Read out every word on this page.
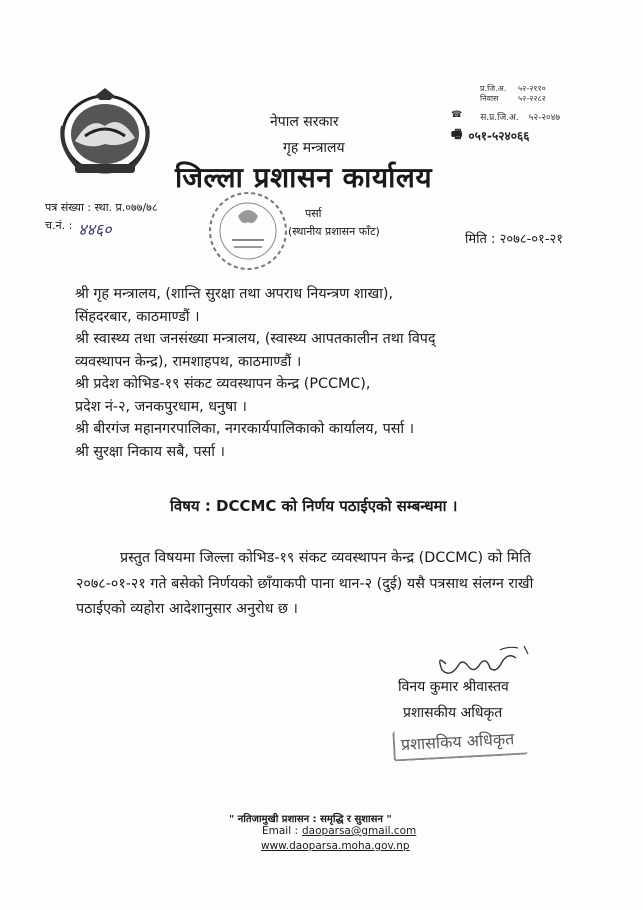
प्र.जि.अ.	५२-२११०
निवास	५२-२२८२
☎ स.प्र.जि.अ. ५२-२०४७
🖷 ०५१-५२४०६६
नेपाल सरकार
गृह मन्त्रालय
जिल्ला प्रशासन कार्यालय
पत्र संख्या : स्था. प्र.०७७/७८
च.नं. : ४४६०
पर्सा
(स्थानीय प्रशासन फाँट)
मिति : २०७८-०१-२१
श्री गृह मन्त्रालय, (शान्ति सुरक्षा तथा अपराध नियन्त्रण शाखा),
सिंहदरबार, काठमाण्डौं ।
श्री स्वास्थ्य तथा जनसंख्या मन्त्रालय, (स्वास्थ्य आपतकालीन तथा विपद्
व्यवस्थापन केन्द्र), रामशाहपथ, काठमाण्डौं ।
श्री प्रदेश कोभिड-१९ संकट व्यवस्थापन केन्द्र (PCCMC),
प्रदेश नं-२, जनकपुरधाम, धनुषा ।
श्री बीरगंज महानगरपालिका, नगरकार्यपालिकाको कार्यालय, पर्सा ।
श्री सुरक्षा निकाय सबै, पर्सा ।
विषय : DCCMC को निर्णय पठाईएको सम्बन्धमा ।
प्रस्तुत विषयमा जिल्ला कोभिड-१९ संकट व्यवस्थापन केन्द्र (DCCMC) को मिति २०७८-०१-२१ गते बसेको निर्णयको छाँयाकपी पाना थान-२ (दुई) यसै पत्रसाथ संलग्न राखी पठाईएको व्यहोरा आदेशानुसार अनुरोध छ ।
विनय कुमार श्रीवास्तव
प्रशासकीय अधिकृत
प्रशासकिय अधिकृत
" नतिजामुखी प्रशासन : समृद्धि र सुशासन "
Email : daoparsa@gmail.com
www.daoparsa.moha.gov.np
